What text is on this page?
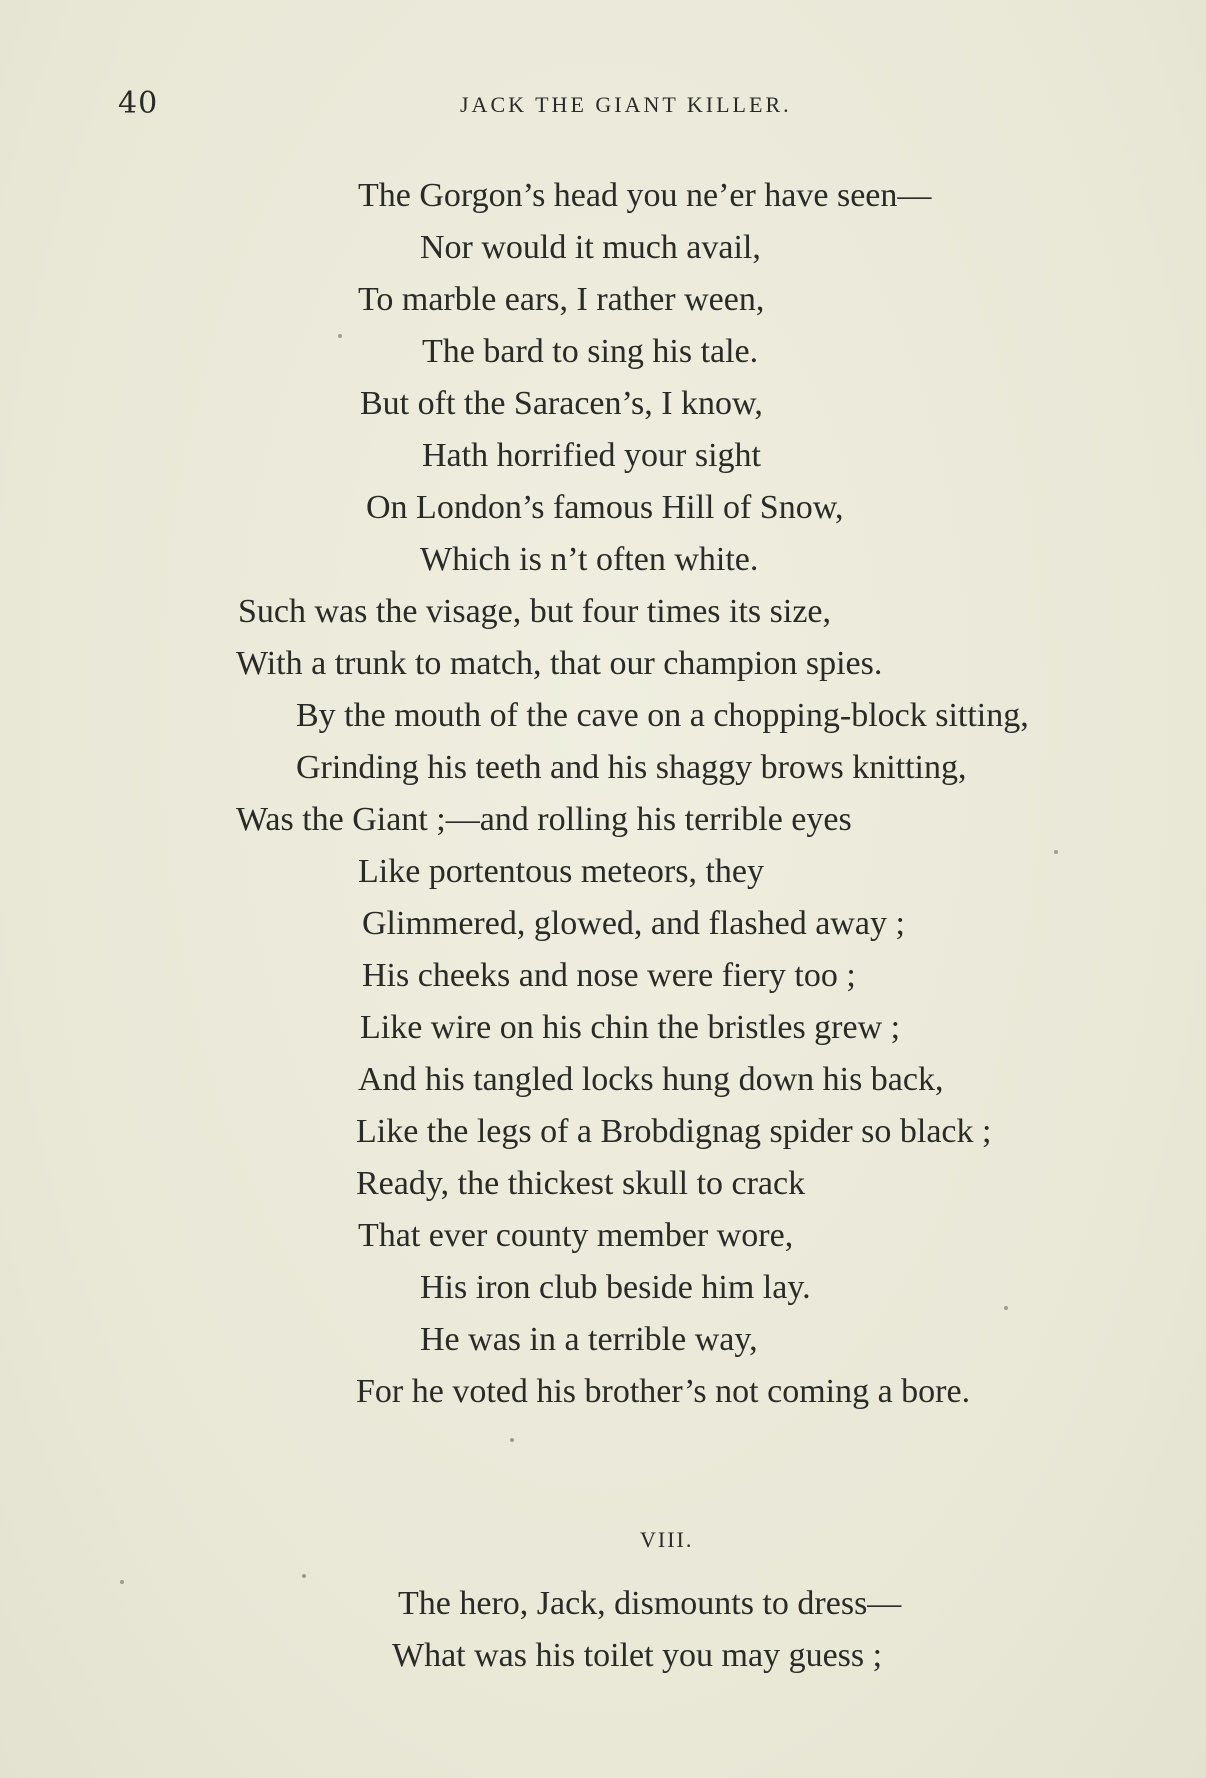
40	JACK THE GIANT KILLER.
The Gorgon’s head you ne’er have seen—
Nor would it much avail,
To marble ears, I rather ween,
The bard to sing his tale.
But oft the Saracen’s, I know,
Hath horrified your sight
On London’s famous Hill of Snow,
Which is n’t often white.
Such was the visage, but four times its size,
With a trunk to match, that our champion spies.
By the mouth of the cave on a chopping-block sitting,
Grinding his teeth and his shaggy brows knitting,
Was the Giant ;—and rolling his terrible eyes
Like portentous meteors, they
Glimmered, glowed, and flashed away ;
His cheeks and nose were fiery too ;
Like wire on his chin the bristles grew ;
And his tangled locks hung down his back,
Like the legs of a Brobdignag spider so black ;
Ready, the thickest skull to crack
That ever county member wore,
His iron club beside him lay.
He was in a terrible way,
For he voted his brother’s not coming a bore.
VIII.
The hero, Jack, dismounts to dress—
What was his toilet you may guess ;
